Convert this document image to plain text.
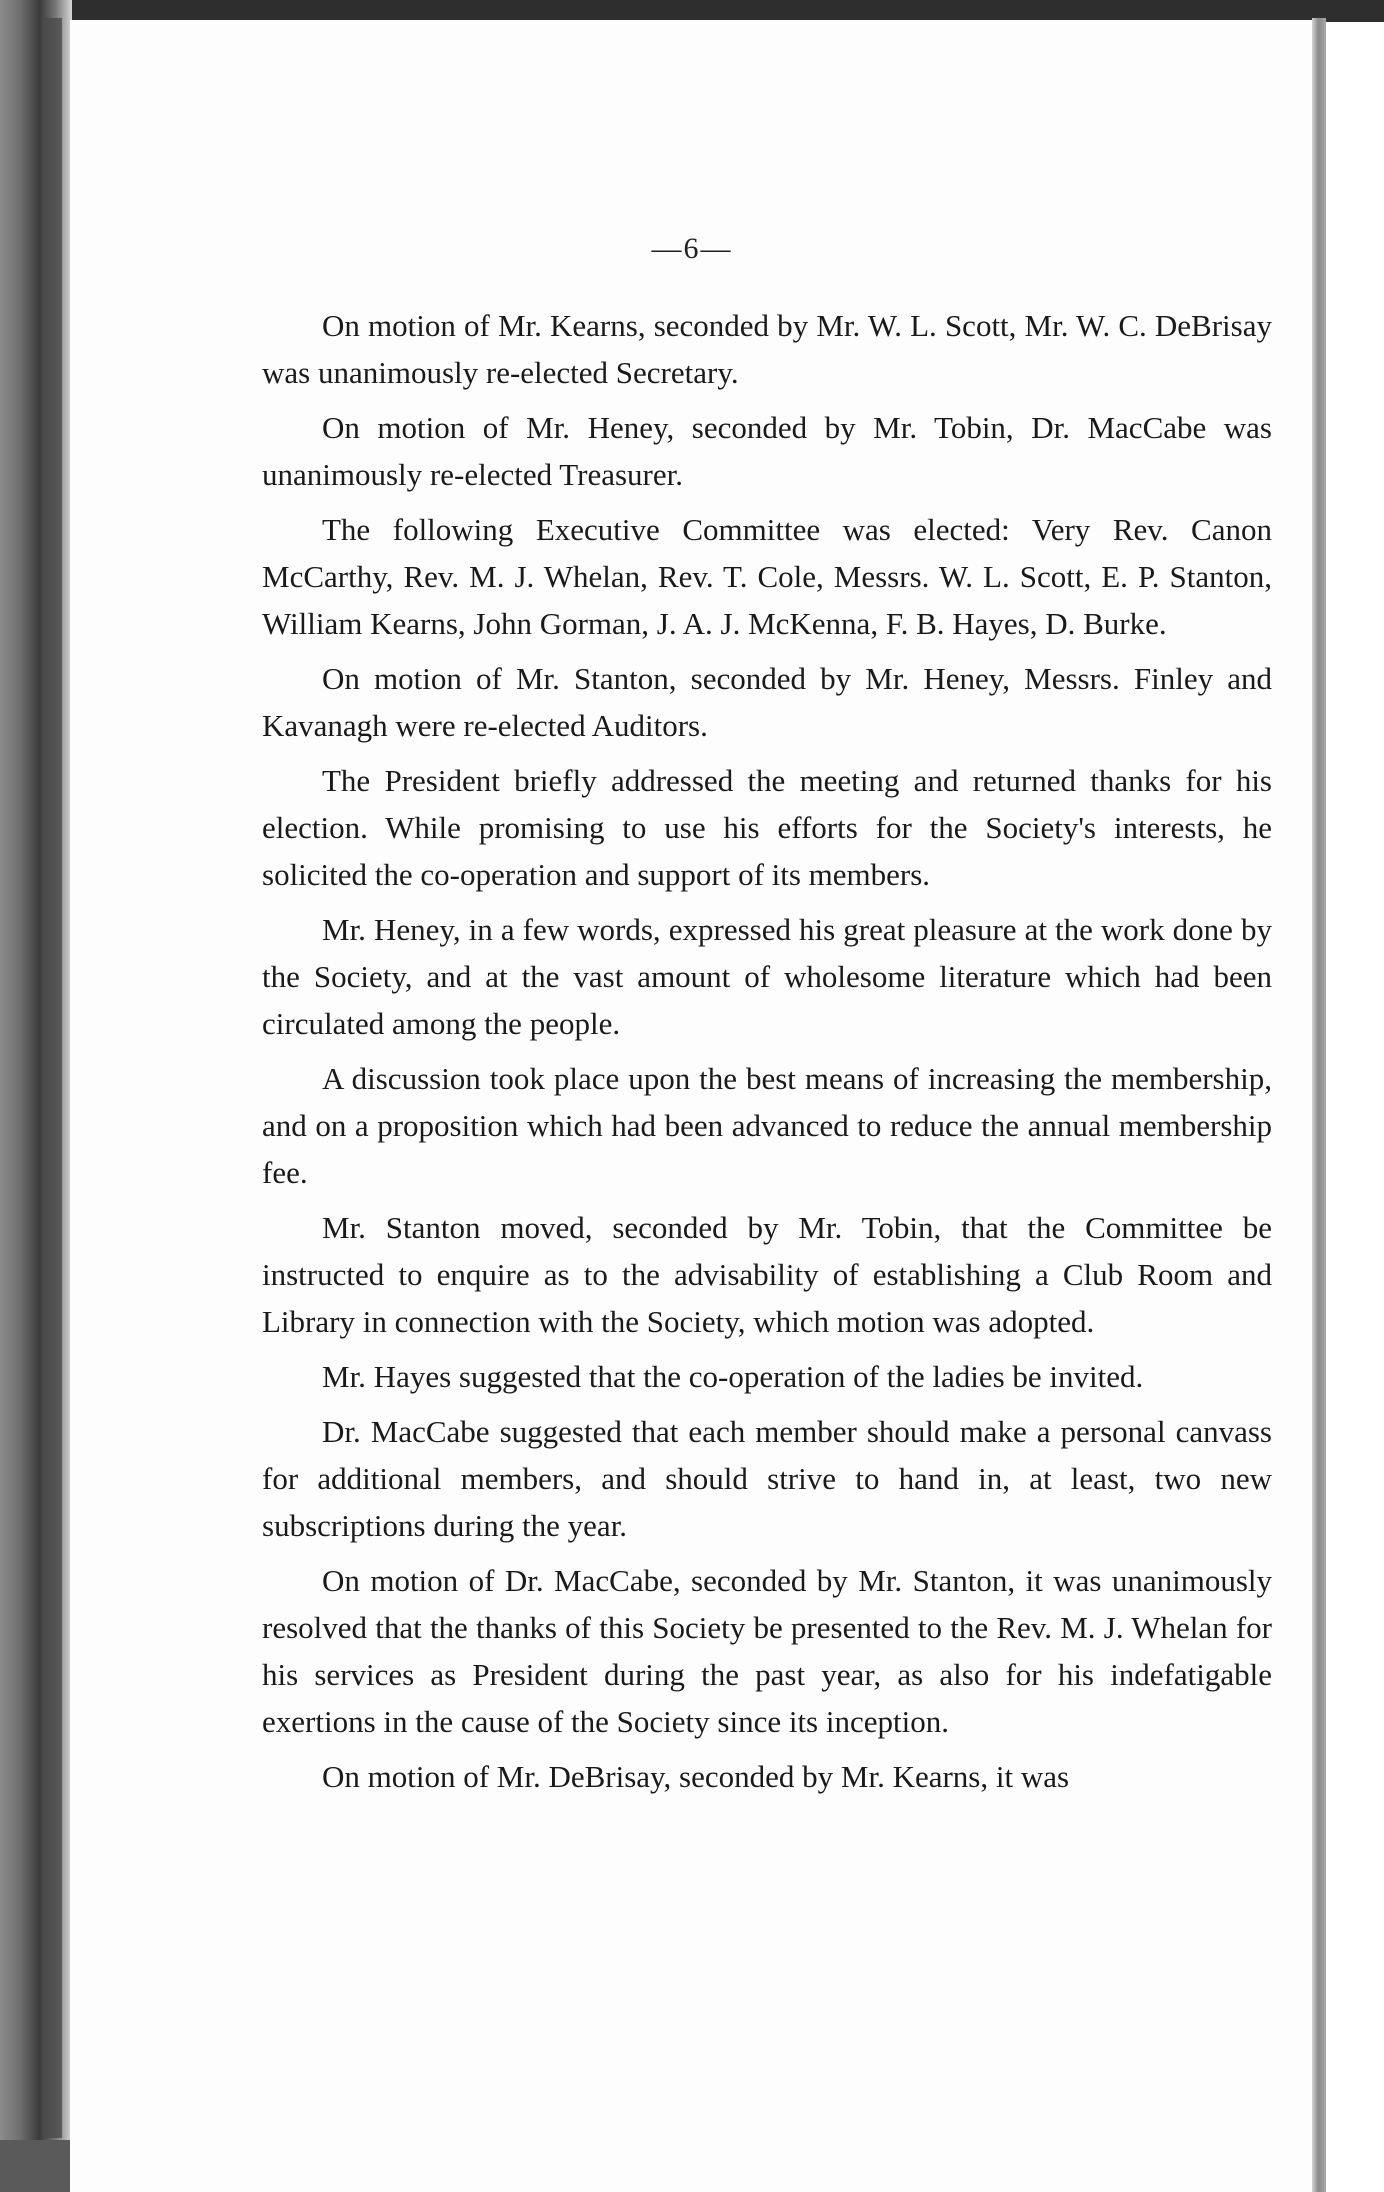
—6—

On motion of Mr. Kearns, seconded by Mr. W. L. Scott, Mr. W. C. DeBrisay was unanimously re-elected Secretary.

On motion of Mr. Heney, seconded by Mr. Tobin, Dr. MacCabe was unanimously re-elected Treasurer.

The following Executive Committee was elected: Very Rev. Canon McCarthy, Rev. M. J. Whelan, Rev. T. Cole, Messrs. W. L. Scott, E. P. Stanton, William Kearns, John Gorman, J. A. J. McKenna, F. B. Hayes, D. Burke.

On motion of Mr. Stanton, seconded by Mr. Heney, Messrs. Finley and Kavanagh were re-elected Auditors.

The President briefly addressed the meeting and returned thanks for his election. While promising to use his efforts for the Society's interests, he solicited the co-operation and support of its members.

Mr. Heney, in a few words, expressed his great pleasure at the work done by the Society, and at the vast amount of wholesome literature which had been circulated among the people.

A discussion took place upon the best means of increasing the membership, and on a proposition which had been advanced to reduce the annual membership fee.

Mr. Stanton moved, seconded by Mr. Tobin, that the Committee be instructed to enquire as to the advisability of establishing a Club Room and Library in connection with the Society, which motion was adopted.

Mr. Hayes suggested that the co-operation of the ladies be invited.

Dr. MacCabe suggested that each member should make a personal canvass for additional members, and should strive to hand in, at least, two new subscriptions during the year.

On motion of Dr. MacCabe, seconded by Mr. Stanton, it was unanimously resolved that the thanks of this Society be presented to the Rev. M. J. Whelan for his services as President during the past year, as also for his indefatigable exertions in the cause of the Society since its inception.

On motion of Mr. DeBrisay, seconded by Mr. Kearns, it was
